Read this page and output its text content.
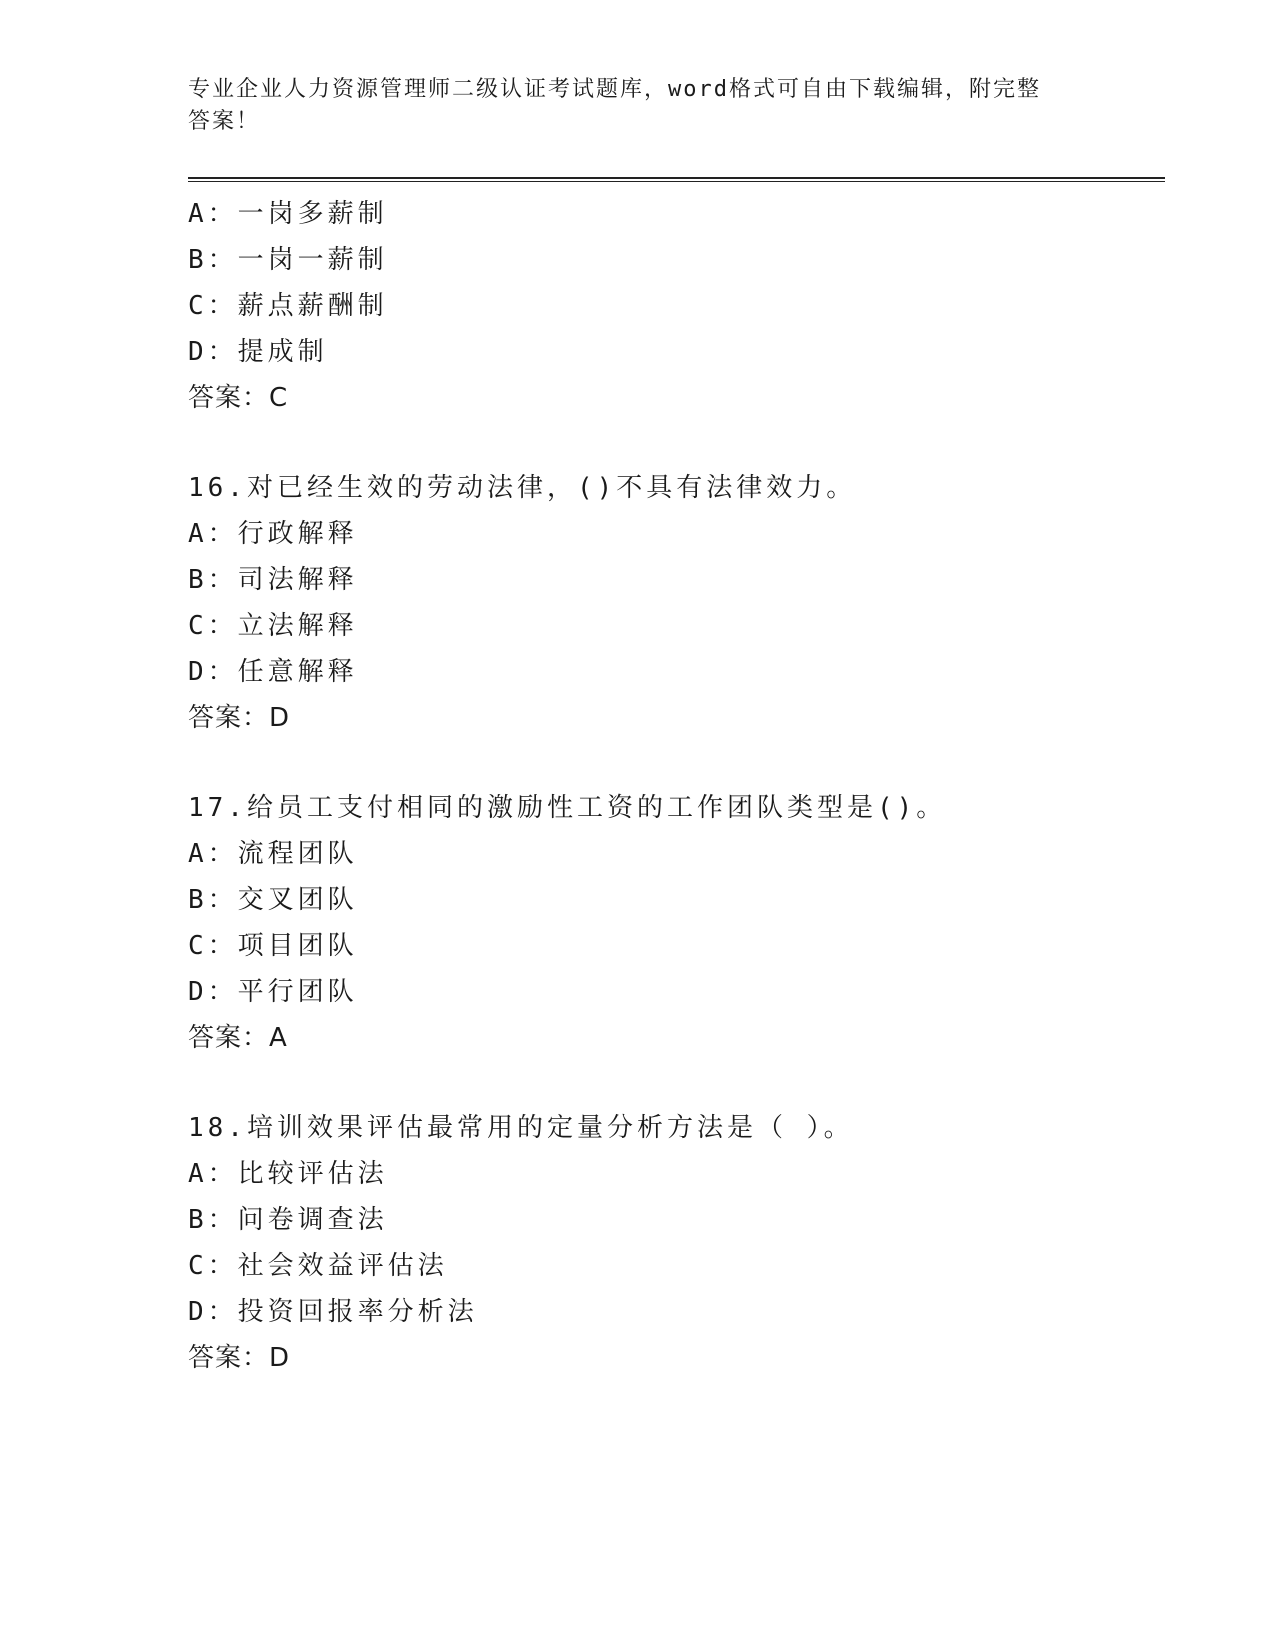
专业企业人力资源管理师二级认证考试题库，word格式可自由下载编辑，附完整
答案！
A：一岗多薪制
B：一岗一薪制
C：薪点薪酬制
D：提成制
答案：C
16.对已经生效的劳动法律，()不具有法律效力。
A：行政解释
B：司法解释
C：立法解释
D：任意解释
答案：D
17.给员工支付相同的激励性工资的工作团队类型是()。
A：流程团队
B：交叉团队
C：项目团队
D：平行团队
答案：A
18.培训效果评估最常用的定量分析方法是（ ）。
A：比较评估法
B：问卷调查法
C：社会效益评估法
D：投资回报率分析法
答案：D
